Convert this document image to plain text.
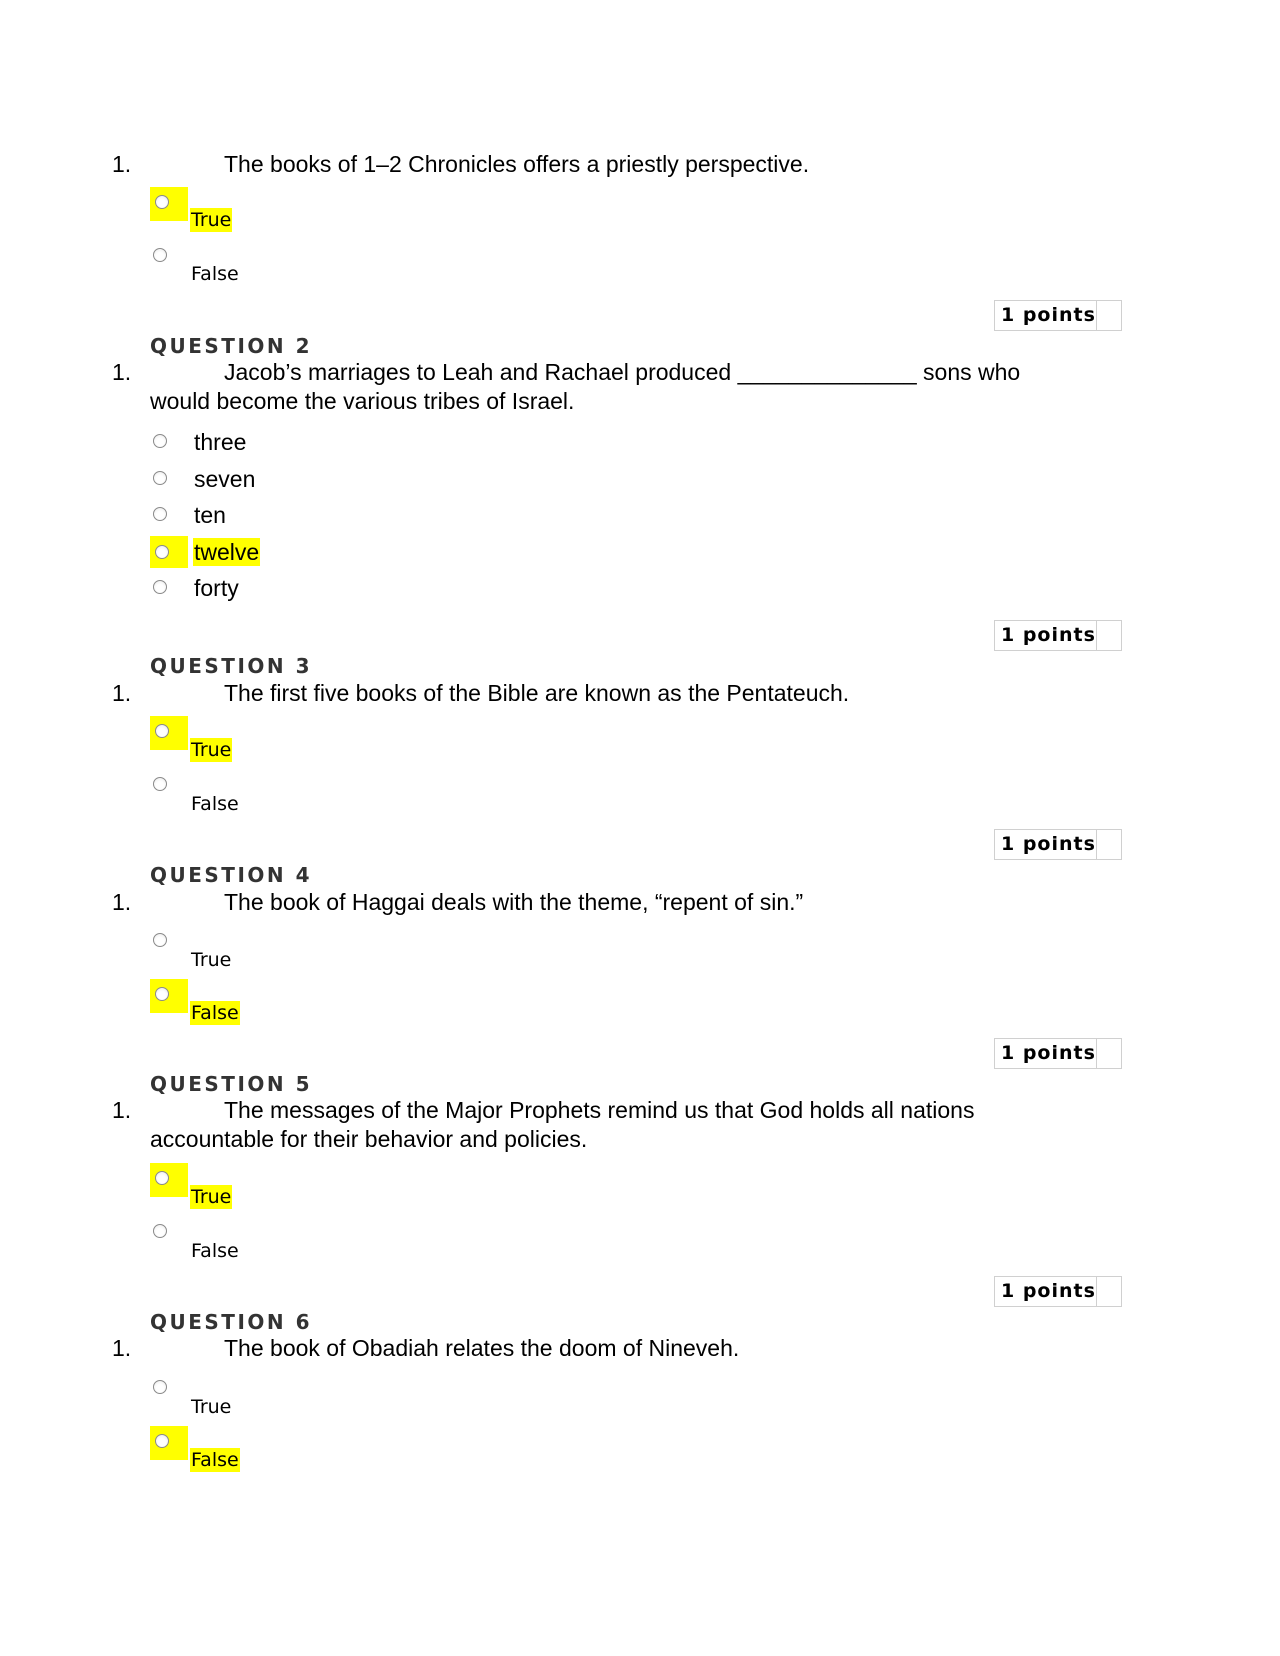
1.	The books of 1–2 Chronicles offers a priestly perspective.
True
False
1 points
QUESTION 2
1.	Jacob’s marriages to Leah and Rachael produced ______________ sons who
would become the various tribes of Israel.
three
seven
ten
twelve
forty
1 points
QUESTION 3
1.	The first five books of the Bible are known as the Pentateuch.
True
False
1 points
QUESTION 4
1.	The book of Haggai deals with the theme, “repent of sin.”
True
False
1 points
QUESTION 5
1.	The messages of the Major Prophets remind us that God holds all nations
accountable for their behavior and policies.
True
False
1 points
QUESTION 6
1.	The book of Obadiah relates the doom of Nineveh.
True
False
